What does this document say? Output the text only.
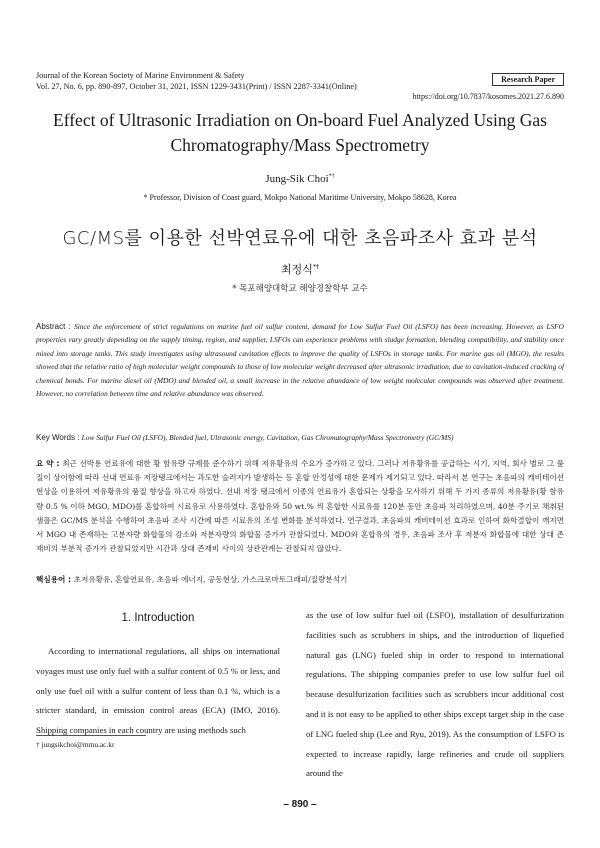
Journal of the Korean Society of Marine Environment & Safety
Vol. 27, No. 6, pp. 890-897, October 31, 2021, ISSN 1229-3431(Print) / ISSN 2287-3341(Online)
Research Paper
https://doi.org/10.7837/kosomes.2021.27.6.890
Effect of Ultrasonic Irradiation on On-board Fuel Analyzed Using Gas Chromatography/Mass Spectrometry
Jung-Sik Choi*†
* Professor, Division of Coast guard, Mokpo National Maritime University, Mokpo 58628, Korea
GC/MS를 이용한 선박연료유에 대한 초음파조사 효과 분석
최정식*†
* 목포해양대학교 해양경찰학부 교수
Abstract : Since the enforcement of strict regulations on marine fuel oil sulfur content, demand for Low Sulfur Fuel Oil (LSFO) has been increasing. However, as LSFO properties vary greatly depending on the supply timing, region, and supplier, LSFOs can experience problems with sludge formation, blending compatibility, and stability once mixed into storage tanks. This study investigates using ultrasound cavitation effects to improve the quality of LSFOs in storage tanks. For marine gas oil (MGO), the results showed that the relative ratio of high molecular weight compounds to those of low molecular weight decreased after ultrasonic irradiation, due to cavitation-induced cracking of chemical bonds. For marine diesel oil (MDO) and blended oil, a small increase in the relative abundance of low weight molecular compounds was observed after treatment. However, no correlation between time and relative abundance was observed.
Key Words : Low Sulfur Fuel Oil (LSFO), Blended fuel, Ultrasonic energy, Cavitation, Gas Chromatography/Mass Spectrometry (GC/MS)
요 약 : 최근 선박용 연료유에 대한 황 함유량 규제를 준수하기 위해 저유황유의 수요가 증가하고 있다. 그러나 저유황유를 공급하는 시기, 지역, 회사 별로 그 품질이 상이함에 따라 선내 연료유 저장탱크에서는 과도한 슬러지가 발생하는 등 혼합 안정성에 대한 문제가 제기되고 있다. 따라서 본 연구는 초음파의 캐비테이션 현상을 이용하여 저유황유의 품질 향상을 하고자 하였다. 선내 저장 탱크에서 이종의 연료유가 혼합되는 상황을 모사하기 위해 두 가지 종류의 저유황유(황 함유량 0.5 % 이하 MGO, MDO)를 혼합하여 시료유로 사용하였다. 혼합유와 50 wt.% 씩 혼합한 시료유를 120분 동안 초음파 처리하였으며, 40분 주기로 채취된 샘플은 GC/MS 분석을 수행하여 초음파 조사 시간에 따른 시료유의 조성 변화를 분석하였다. 연구결과, 초음파의 캐비테이션 효과로 인하여 화학결합이 깨지면서 MGO 내 존재하는 고분자량 화합물의 감소와 저분자량의 화합물 증가가 관찰되었다. MDO와 혼합유의 경우, 초음파 조사 후 저분자 화합물에 대한 상대 존재비의 부분적 증가가 관찰되었지만 시간과 상대 존재비 사이의 상관관계는 관찰되지 않았다.
핵심용어 : 초저유황유, 혼합연료유, 초음파 에너지, 공동현상, 가스크로마토그래피/질량분석기
1. Introduction
According to international regulations, all ships on international voyages must use only fuel with a sulfur content of 0.5 % or less, and only use fuel oil with a sulfur content of less than 0.1 %, which is a stricter standard, in emission control areas (ECA) (IMO, 2016). Shipping companies in each country are using methods such
as the use of low sulfur fuel oil (LSFO), installation of desulfurization facilities such as scrubbers in ships, and the introduction of liquefied natural gas (LNG) fueled ship in order to respond to international regulations. The shipping companies prefer to use low sulfur fuel oil because desulfurization facilities such as scrubbers incur additional cost and it is not easy to be applied to other ships except target ship in the case of LNG fueled ship (Lee and Ryu, 2019). As the consumption of LSFO is expected to increase rapidly, large refineries and crude oil suppliers around the
† jungsikchoi@mmu.ac.kr
– 890 –
